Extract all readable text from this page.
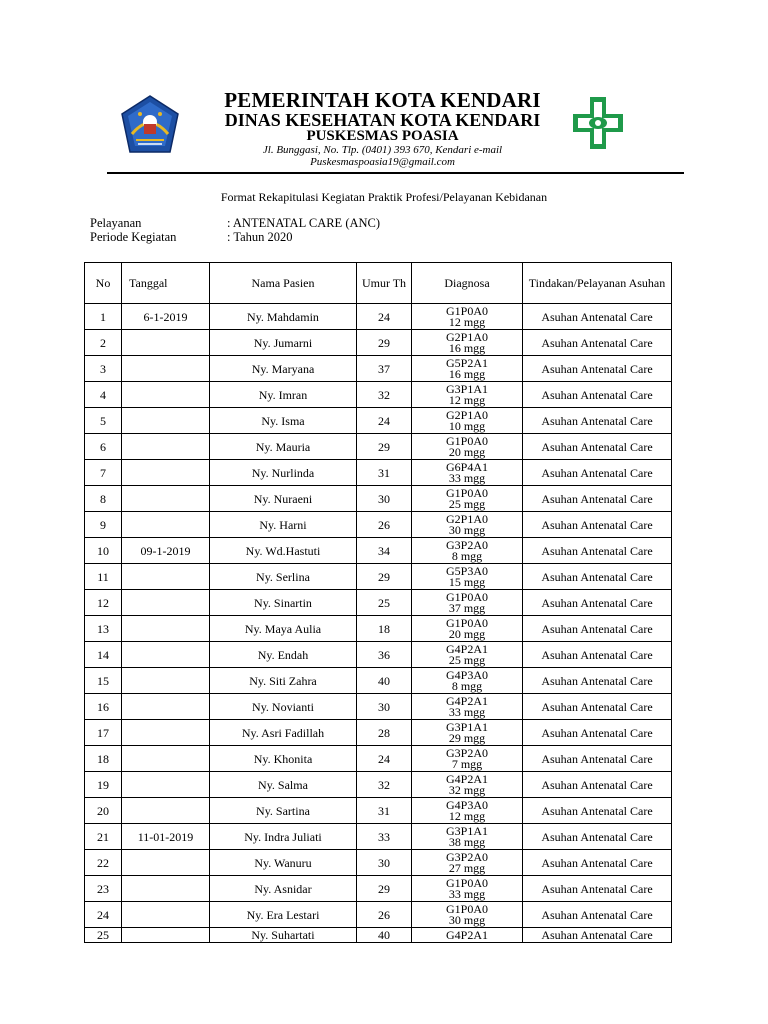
PEMERINTAH KOTA KENDARI
DINAS KESEHATAN KOTA KENDARI
PUSKESMAS POASIA
Jl. Bunggasi, No. Tlp. (0401) 393 670, Kendari e-mail
Puskesmaspoasia19@gmail.com
Format Rekapitulasi Kegiatan Praktik Profesi/Pelayanan Kebidanan
Pelayanan	: ANTENATAL CARE (ANC)
Periode Kegiatan	: Tahun 2020
No	Tanggal	Nama Pasien	Umur Th	Diagnosa	Tindakan/Pelayanan Asuhan
1	6-1-2019	Ny. Mahdamin	24	G1P0A0
12 mgg	Asuhan Antenatal Care
2		Ny. Jumarni	29	G2P1A0
16 mgg	Asuhan Antenatal Care
3		Ny. Maryana	37	G5P2A1
16 mgg	Asuhan Antenatal Care
4		Ny. Imran	32	G3P1A1
12 mgg	Asuhan Antenatal Care
5		Ny. Isma	24	G2P1A0
10 mgg	Asuhan Antenatal Care
6		Ny. Mauria	29	G1P0A0
20 mgg	Asuhan Antenatal Care
7		Ny. Nurlinda	31	G6P4A1
33 mgg	Asuhan Antenatal Care
8		Ny. Nuraeni	30	G1P0A0
25 mgg	Asuhan Antenatal Care
9		Ny. Harni	26	G2P1A0
30 mgg	Asuhan Antenatal Care
10	09-1-2019	Ny. Wd.Hastuti	34	G3P2A0
8 mgg	Asuhan Antenatal Care
11		Ny. Serlina	29	G5P3A0
15 mgg	Asuhan Antenatal Care
12		Ny. Sinartin	25	G1P0A0
37 mgg	Asuhan Antenatal Care
13		Ny. Maya Aulia	18	G1P0A0
20 mgg	Asuhan Antenatal Care
14		Ny. Endah	36	G4P2A1
25 mgg	Asuhan Antenatal Care
15		Ny. Siti Zahra	40	G4P3A0
8 mgg	Asuhan Antenatal Care
16		Ny. Novianti	30	G4P2A1
33 mgg	Asuhan Antenatal Care
17		Ny. Asri Fadillah	28	G3P1A1
29 mgg	Asuhan Antenatal Care
18		Ny. Khonita	24	G3P2A0
7 mgg	Asuhan Antenatal Care
19		Ny. Salma	32	G4P2A1
32 mgg	Asuhan Antenatal Care
20		Ny. Sartina	31	G4P3A0
12 mgg	Asuhan Antenatal Care
21	11-01-2019	Ny. Indra Juliati	33	G3P1A1
38 mgg	Asuhan Antenatal Care
22		Ny. Wanuru	30	G3P2A0
27 mgg	Asuhan Antenatal Care
23		Ny. Asnidar	29	G1P0A0
33 mgg	Asuhan Antenatal Care
24		Ny. Era Lestari	26	G1P0A0
30 mgg	Asuhan Antenatal Care
25		Ny. Suhartati	40	G4P2A1	Asuhan Antenatal Care
